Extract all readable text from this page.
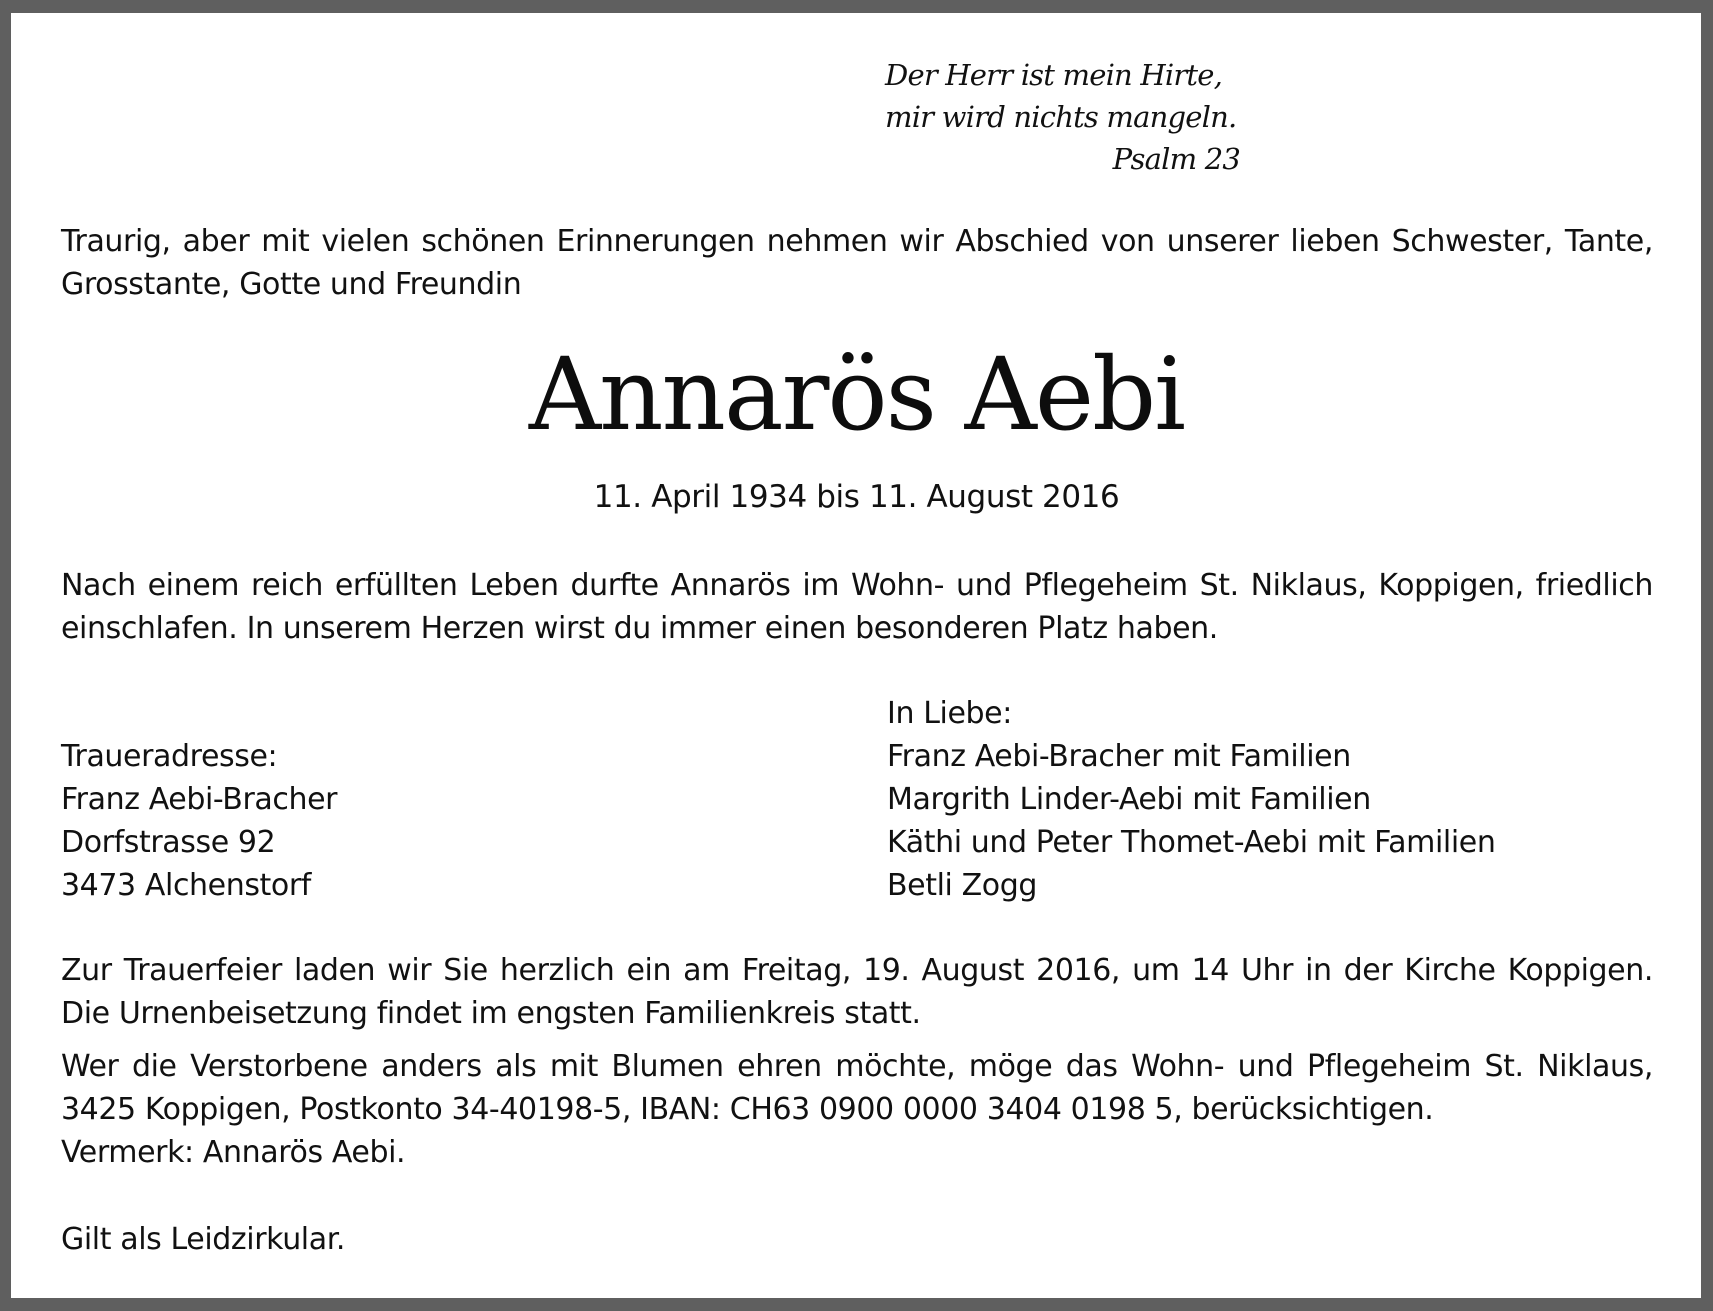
Der Herr ist mein Hirte,
mir wird nichts mangeln.
Psalm 23
Traurig, aber mit vielen schönen Erinnerungen nehmen wir Abschied von unserer lieben Schwester, Tante, Grosstante, Gotte und Freundin
Annarös Aebi
11. April 1934 bis 11. August 2016
Nach einem reich erfüllten Leben durfte Annarös im Wohn- und Pflegeheim St. Niklaus, Koppigen, friedlich einschlafen. In unserem Herzen wirst du immer einen besonderen Platz haben.
Traueradresse:
Franz Aebi-Bracher
Dorfstrasse 92
3473 Alchenstorf
In Liebe:
Franz Aebi-Bracher mit Familien
Margrith Linder-Aebi mit Familien
Käthi und Peter Thomet-Aebi mit Familien
Betli Zogg
Zur Trauerfeier laden wir Sie herzlich ein am Freitag, 19. August 2016, um 14 Uhr in der Kirche Koppigen. Die Urnenbeisetzung findet im engsten Familienkreis statt.
Wer die Verstorbene anders als mit Blumen ehren möchte, möge das Wohn- und Pflegeheim St. Niklaus, 3425 Koppigen, Postkonto 34-40198-5, IBAN: CH63 0900 0000 3404 0198 5, berücksichtigen.
Vermerk: Annarös Aebi.
Gilt als Leidzirkular.
